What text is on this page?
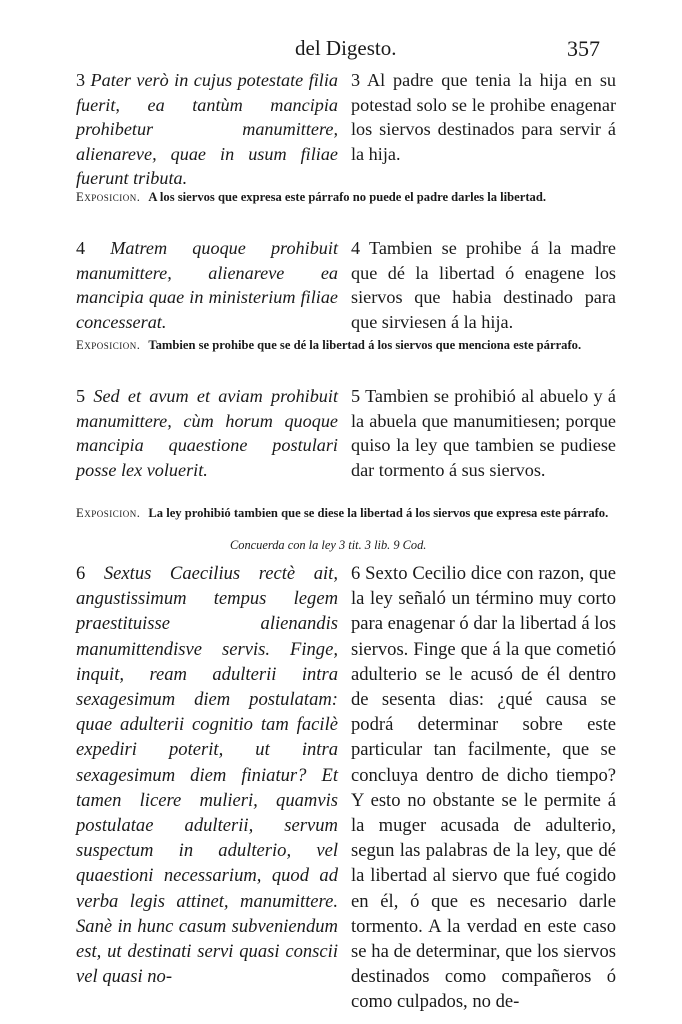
del Digesto.	357

3 Pater verò in cujus potestate filia fuerit, ea tantùm mancipia prohibetur manumittere, alienareve, quae in usum filiae fuerunt tributa.

3 Al padre que tenia la hija en su potestad solo se le prohibe enagenar los siervos destinados para servir á la hija.

Exposicion. A los siervos que expresa este párrafo no puede el padre darles la libertad.

4 Matrem quoque prohibuit manumittere, alienareve ea mancipia quae in ministerium filiae concesserat.

4 Tambien se prohibe á la madre que dé la libertad ó enagene los siervos que habia destinado para que sirviesen á la hija.

Exposicion. Tambien se prohibe que se dé la libertad á los siervos que menciona este párrafo.

5 Sed et avum et aviam prohibuit manumittere, cùm horum quoque mancipia quaestione postulari posse lex voluerit.

5 Tambien se prohibió al abuelo y á la abuela que manumitiesen; porque quiso la ley que tambien se pudiese dar tormento á sus siervos.

Exposicion. La ley prohibió tambien que se diese la libertad á los siervos que expresa este párrafo.

Concuerda con la ley 3 tit. 3 lib. 9 Cod.

6 Sextus Caecilius rectè ait, angustissimum tempus legem praestituisse alienandis manumittendisve servis. Finge, inquit, ream adulterii intra sexagesimum diem postulatam: quae adulterii cognitio tam facilè expediri poterit, ut intra sexagesimum diem finiatur? Et tamen licere mulieri, quamvis postulatae adulterii, servum suspectum in adulterio, vel quaestioni necessarium, quod ad verba legis attinet, manumittere. Sanè in hunc casum subveniendum est, ut destinati servi quasi conscii vel quasi no-

6 Sexto Cecilio dice con razon, que la ley señaló un término muy corto para enagenar ó dar la libertad á los siervos. Finge que á la que cometió adulterio se le acusó de él dentro de sesenta dias: ¿qué causa se podrá determinar sobre este particular tan facilmente, que se concluya dentro de dicho tiempo? Y esto no obstante se le permite á la muger acusada de adulterio, segun las palabras de la ley, que dé la libertad al siervo que fué cogido en él, ó que es necesario darle tormento. A la verdad en este caso se ha de determinar, que los siervos destinados como compañeros ó como culpados, no de-
